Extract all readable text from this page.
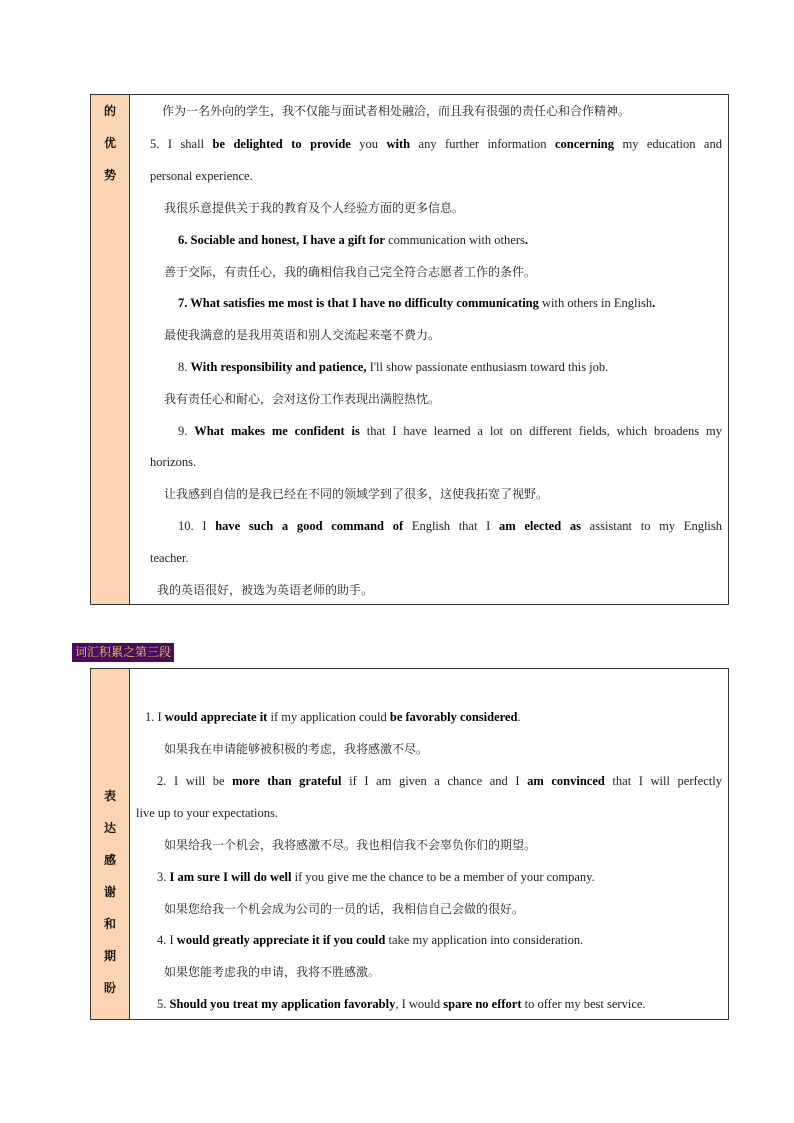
的
优
势
作为一名外向的学生，我不仅能与面试者相处融洽，而且我有很强的责任心和合作精神。
5. I shall be delighted to provide you with any further information concerning my education and
personal experience.
我很乐意提供关于我的教育及个人经验方面的更多信息。
6. Sociable and honest, I have a gift for communication with others.
善于交际，有责任心，我的确相信我自己完全符合志愿者工作的条件。
7. What satisfies me most is that I have no difficulty communicating with others in English.
最使我满意的是我用英语和别人交流起来毫不费力。
8. With responsibility and patience, I'll show passionate enthusiasm toward this job.
我有责任心和耐心，会对这份工作表现出满腔热忱。
9. What makes me confident is that I have learned a lot on different fields, which broadens my
horizons.
让我感到自信的是我已经在不同的领域学到了很多，这使我拓宽了视野。
10. I have such a good command of English that I am elected as assistant to my English
teacher.
我的英语很好，被选为英语老师的助手。
词汇积累之第三段
表
达
感
谢
和
期
盼
1. I would appreciate it if my application could be favorably considered.
如果我在申请能够被积极的考虑，我将感激不尽。
2. I will be more than grateful if I am given a chance and I am convinced that I will perfectly
live up to your expectations.
如果给我一个机会，我将感激不尽。我也相信我不会辜负你们的期望。
3. I am sure I will do well if you give me the chance to be a member of your company.
如果您给我一个机会成为公司的一员的话，我相信自己会做的很好。
4. I would greatly appreciate it if you could take my application into consideration.
如果您能考虑我的申请，我将不胜感激。
5. Should you treat my application favorably, I would spare no effort to offer my best service.
